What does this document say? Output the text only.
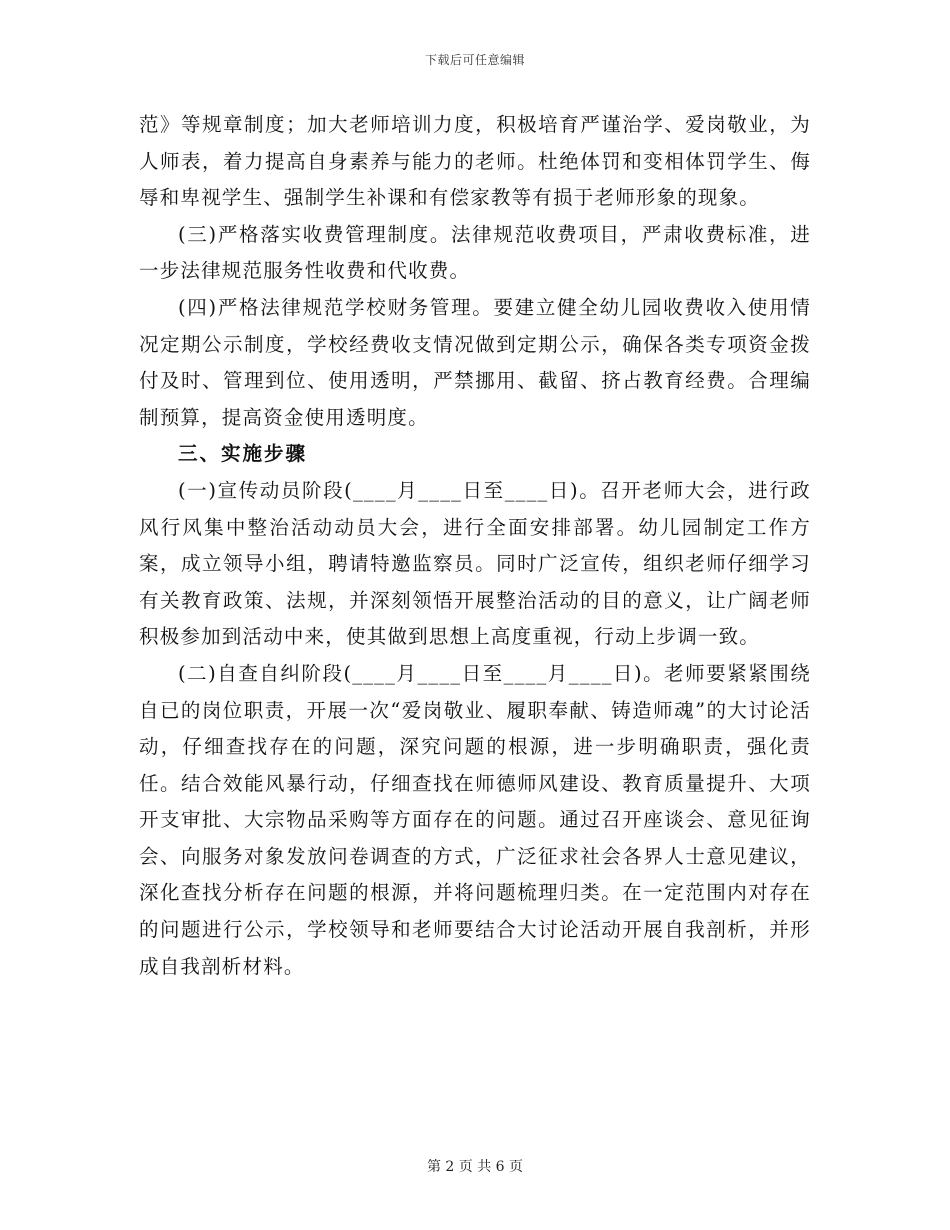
下载后可任意编辑

范》等规章制度；加大老师培训力度，积极培育严谨治学、爱岗敬业，为人师表，着力提高自身素养与能力的老师。杜绝体罚和变相体罚学生、侮辱和卑视学生、强制学生补课和有偿家教等有损于老师形象的现象。

(三)严格落实收费管理制度。法律规范收费项目，严肃收费标准，进一步法律规范服务性收费和代收费。

(四)严格法律规范学校财务管理。要建立健全幼儿园收费收入使用情况定期公示制度，学校经费收支情况做到定期公示，确保各类专项资金拨付及时、管理到位、使用透明，严禁挪用、截留、挤占教育经费。合理编制预算，提高资金使用透明度。

三、实施步骤

(一)宣传动员阶段(____月____日至____日)。召开老师大会，进行政风行风集中整治活动动员大会，进行全面安排部署。幼儿园制定工作方案，成立领导小组，聘请特邀监察员。同时广泛宣传，组织老师仔细学习有关教育政策、法规，并深刻领悟开展整治活动的目的意义，让广阔老师积极参加到活动中来，使其做到思想上高度重视，行动上步调一致。

(二)自查自纠阶段(____月____日至____月____日)。老师要紧紧围绕自已的岗位职责，开展一次“爱岗敬业、履职奉献、铸造师魂”的大讨论活动，仔细查找存在的问题，深究问题的根源，进一步明确职责，强化责任。结合效能风暴行动，仔细查找在师德师风建设、教育质量提升、大项开支审批、大宗物品采购等方面存在的问题。通过召开座谈会、意见征询会、向服务对象发放问卷调查的方式，广泛征求社会各界人士意见建议，深化查找分析存在问题的根源，并将问题梳理归类。在一定范围内对存在的问题进行公示，学校领导和老师要结合大讨论活动开展自我剖析，并形成自我剖析材料。

第 2 页 共 6 页
